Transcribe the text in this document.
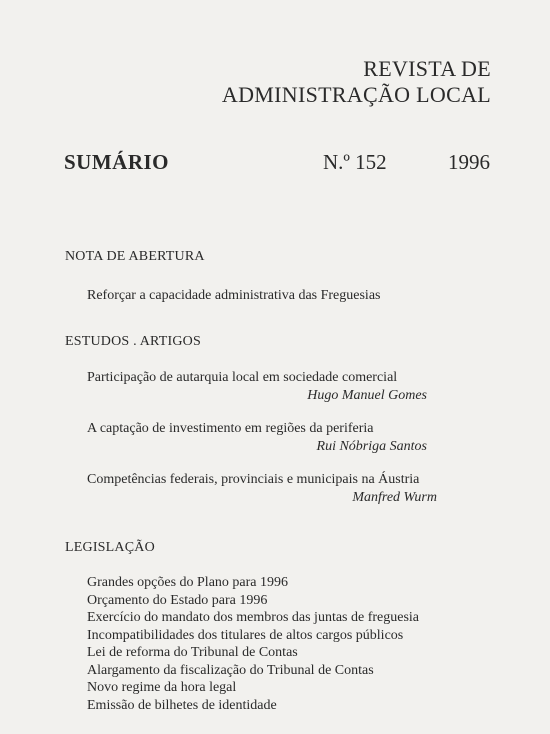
REVISTA DE
ADMINISTRAÇÃO LOCAL
SUMÁRIO	N.º 152	1996
NOTA DE ABERTURA
Reforçar a capacidade administrativa das Freguesias
ESTUDOS . ARTIGOS
Participação de autarquia local em sociedade comercial
Hugo Manuel Gomes
A captação de investimento em regiões da periferia
Rui Nóbriga Santos
Competências federais, provinciais e municipais na Áustria
Manfred Wurm
LEGISLAÇÃO
Grandes opções do Plano para 1996
Orçamento do Estado para 1996
Exercício do mandato dos membros das juntas de freguesia
Incompatibilidades dos titulares de altos cargos públicos
Lei de reforma do Tribunal de Contas
Alargamento da fiscalização do Tribunal de Contas
Novo regime da hora legal
Emissão de bilhetes de identidade
